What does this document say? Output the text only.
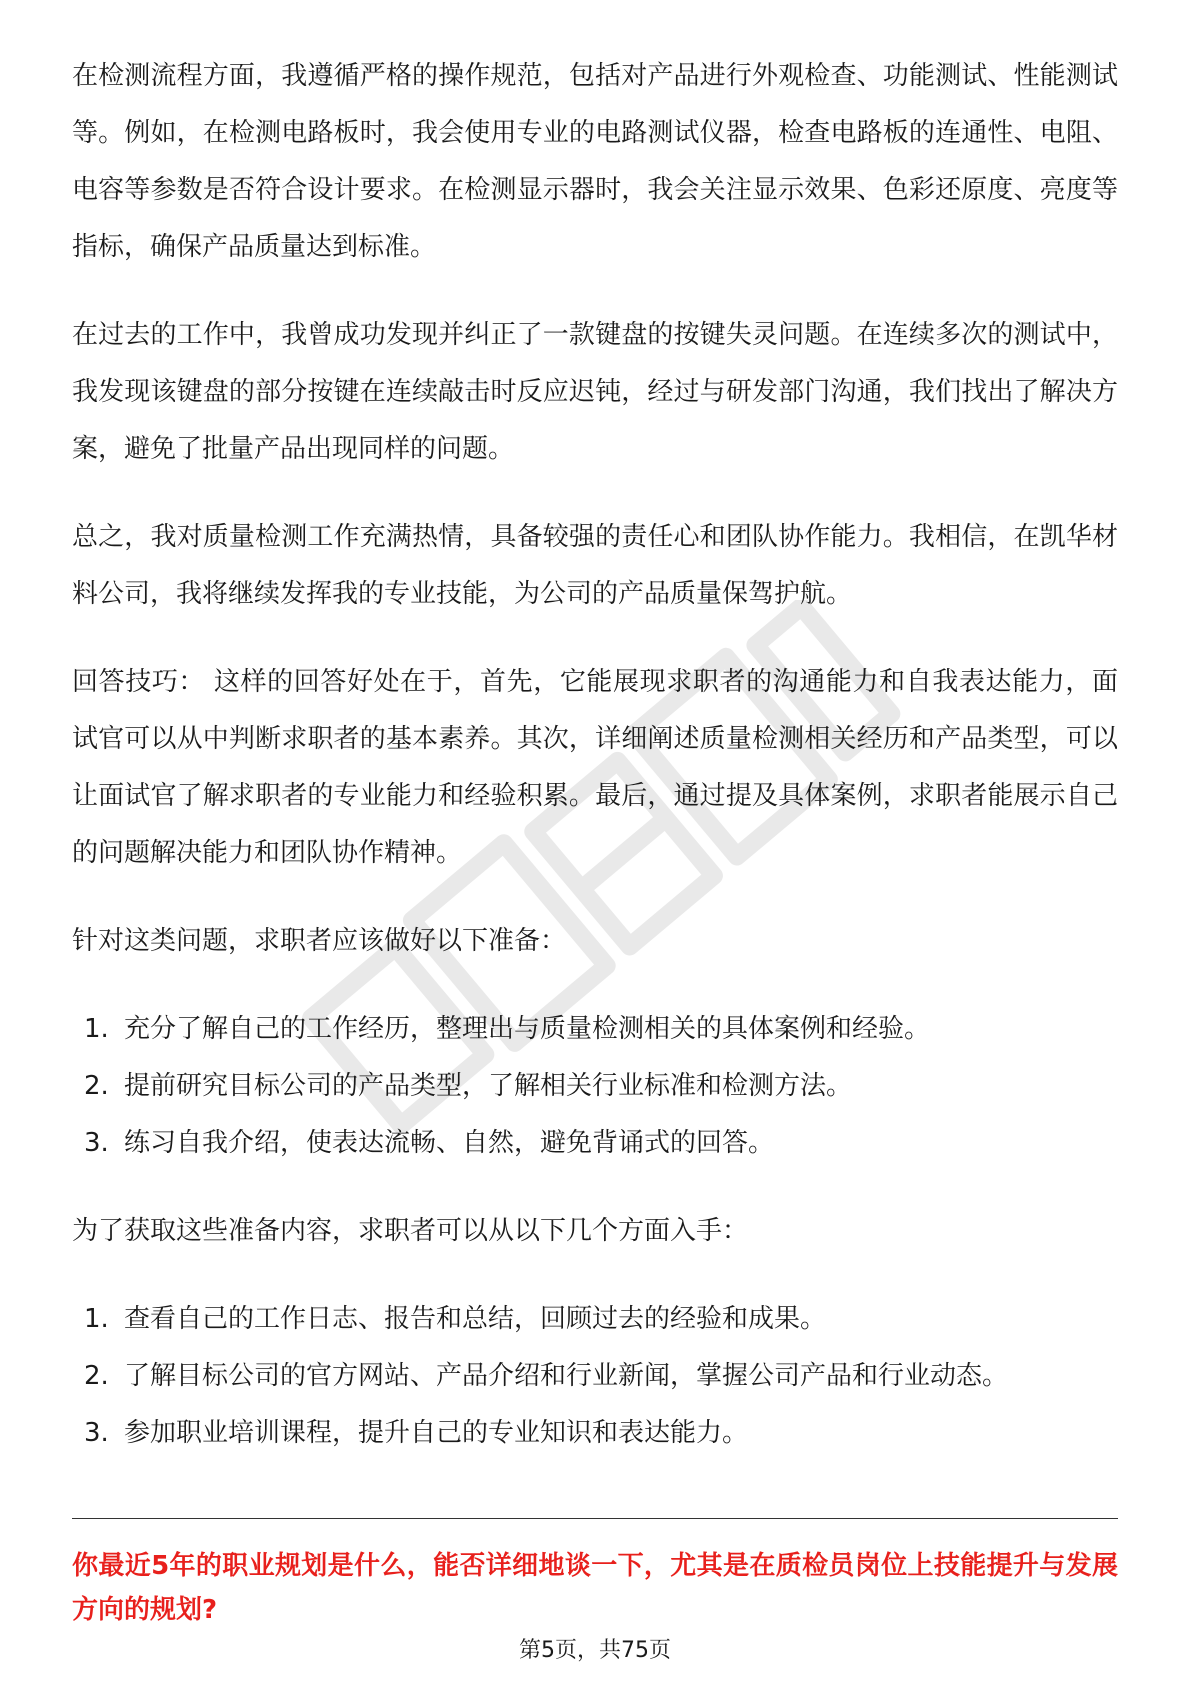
在检测流程方面，我遵循严格的操作规范，包括对产品进行外观检查、功能测试、性能测试等。例如，在检测电路板时，我会使用专业的电路测试仪器，检查电路板的连通性、电阻、电容等参数是否符合设计要求。在检测显示器时，我会关注显示效果、色彩还原度、亮度等指标，确保产品质量达到标准。

在过去的工作中，我曾成功发现并纠正了一款键盘的按键失灵问题。在连续多次的测试中，我发现该键盘的部分按键在连续敲击时反应迟钝，经过与研发部门沟通，我们找出了解决方案，避免了批量产品出现同样的问题。

总之，我对质量检测工作充满热情，具备较强的责任心和团队协作能力。我相信，在凯华材料公司，我将继续发挥我的专业技能，为公司的产品质量保驾护航。

回答技巧： 这样的回答好处在于，首先，它能展现求职者的沟通能力和自我表达能力，面试官可以从中判断求职者的基本素养。其次，详细阐述质量检测相关经历和产品类型，可以让面试官了解求职者的专业能力和经验积累。最后，通过提及具体案例，求职者能展示自己的问题解决能力和团队协作精神。

针对这类问题，求职者应该做好以下准备：

1. 充分了解自己的工作经历，整理出与质量检测相关的具体案例和经验。
2. 提前研究目标公司的产品类型，了解相关行业标准和检测方法。
3. 练习自我介绍，使表达流畅、自然，避免背诵式的回答。

为了获取这些准备内容，求职者可以从以下几个方面入手：

1. 查看自己的工作日志、报告和总结，回顾过去的经验和成果。
2. 了解目标公司的官方网站、产品介绍和行业新闻，掌握公司产品和行业动态。
3. 参加职业培训课程，提升自己的专业知识和表达能力。
你最近5年的职业规划是什么，能否详细地谈一下，尤其是在质检员岗位上技能提升与发展方向的规划?
第5页，共75页
